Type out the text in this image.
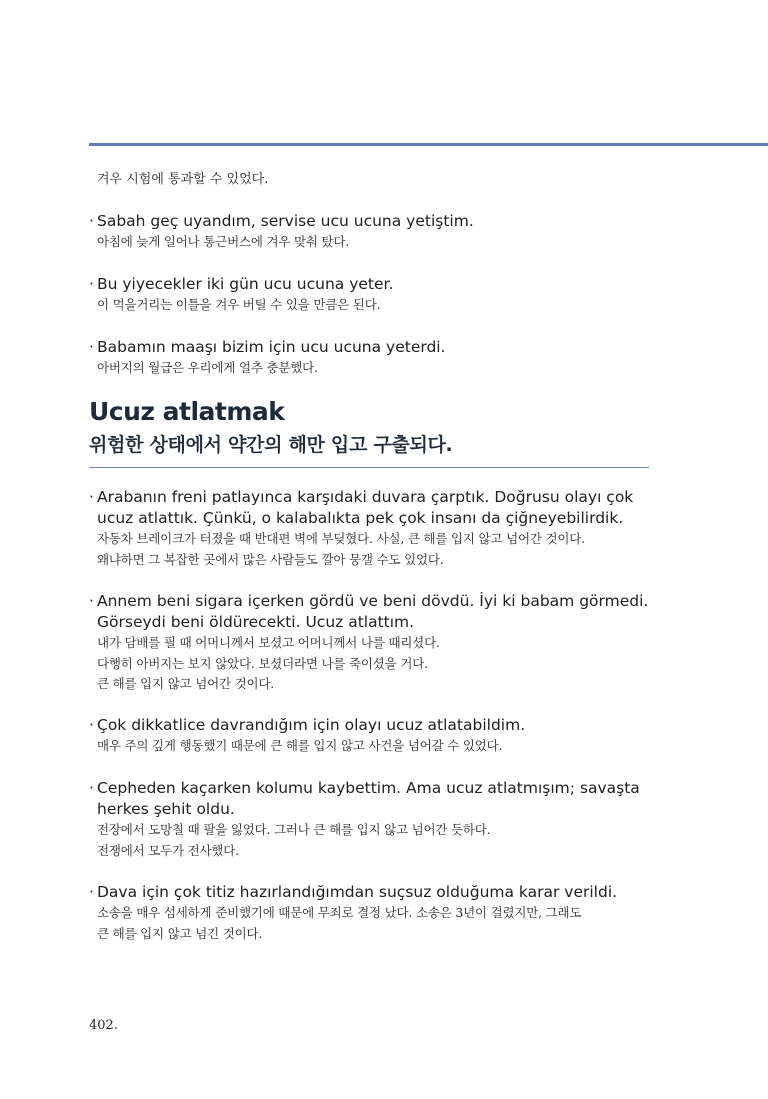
겨우 시험에 통과할 수 있었다.
· Sabah geç uyandım, servise ucu ucuna yetiştim.
아침에 늦게 일어나 통근버스에 겨우 맞춰 탔다.
· Bu yiyecekler iki gün ucu ucuna yeter.
이 먹을거리는 이틀을 겨우 버틸 수 있을 만큼은 된다.
· Babamın maaşı bizim için ucu ucuna yeterdi.
아버지의 월급은 우리에게 얼추 충분했다.
Ucuz atlatmak
위험한 상태에서 약간의 해만 입고 구출되다.
· Arabanın freni patlayınca karşıdaki duvara çarptık. Doğrusu olayı çok
ucuz atlattık. Çünkü, o kalabalıkta pek çok insanı da çiğneyebilirdik.
자동차 브레이크가 터졌을 때 반대편 벽에 부딪혔다. 사실, 큰 해를 입지 않고 넘어간 것이다.
왜냐하면 그 복잡한 곳에서 많은 사람들도 깔아 뭉갤 수도 있었다.
· Annem beni sigara içerken gördü ve beni dövdü. İyi ki babam görmedi.
Görseydi beni öldürecekti. Ucuz atlattım.
내가 담배를 필 때 어머니께서 보셨고 어머니께서 나를 때리셨다.
다행히 아버지는 보지 않았다. 보셨더라면 나를 죽이셨을 거다.
큰 해를 입지 않고 넘어간 것이다.
· Çok dikkatlice davrandığım için olayı ucuz atlatabildim.
매우 주의 깊게 행동했기 때문에 큰 해를 입지 않고 사건을 넘어갈 수 있었다.
· Cepheden kaçarken kolumu kaybettim. Ama ucuz atlatmışım; savaşta
herkes şehit oldu.
전장에서 도망칠 때 팔을 잃었다. 그러나 큰 해를 입지 않고 넘어간 듯하다.
전쟁에서 모두가 전사했다.
· Dava için çok titiz hazırlandığımdan suçsuz olduğuma karar verildi.
소송을 매우 섬세하게 준비했기에 때문에 무죄로 결정 났다. 소송은 3년이 걸렸지만, 그래도
큰 해를 입지 않고 넘긴 것이다.
402.
